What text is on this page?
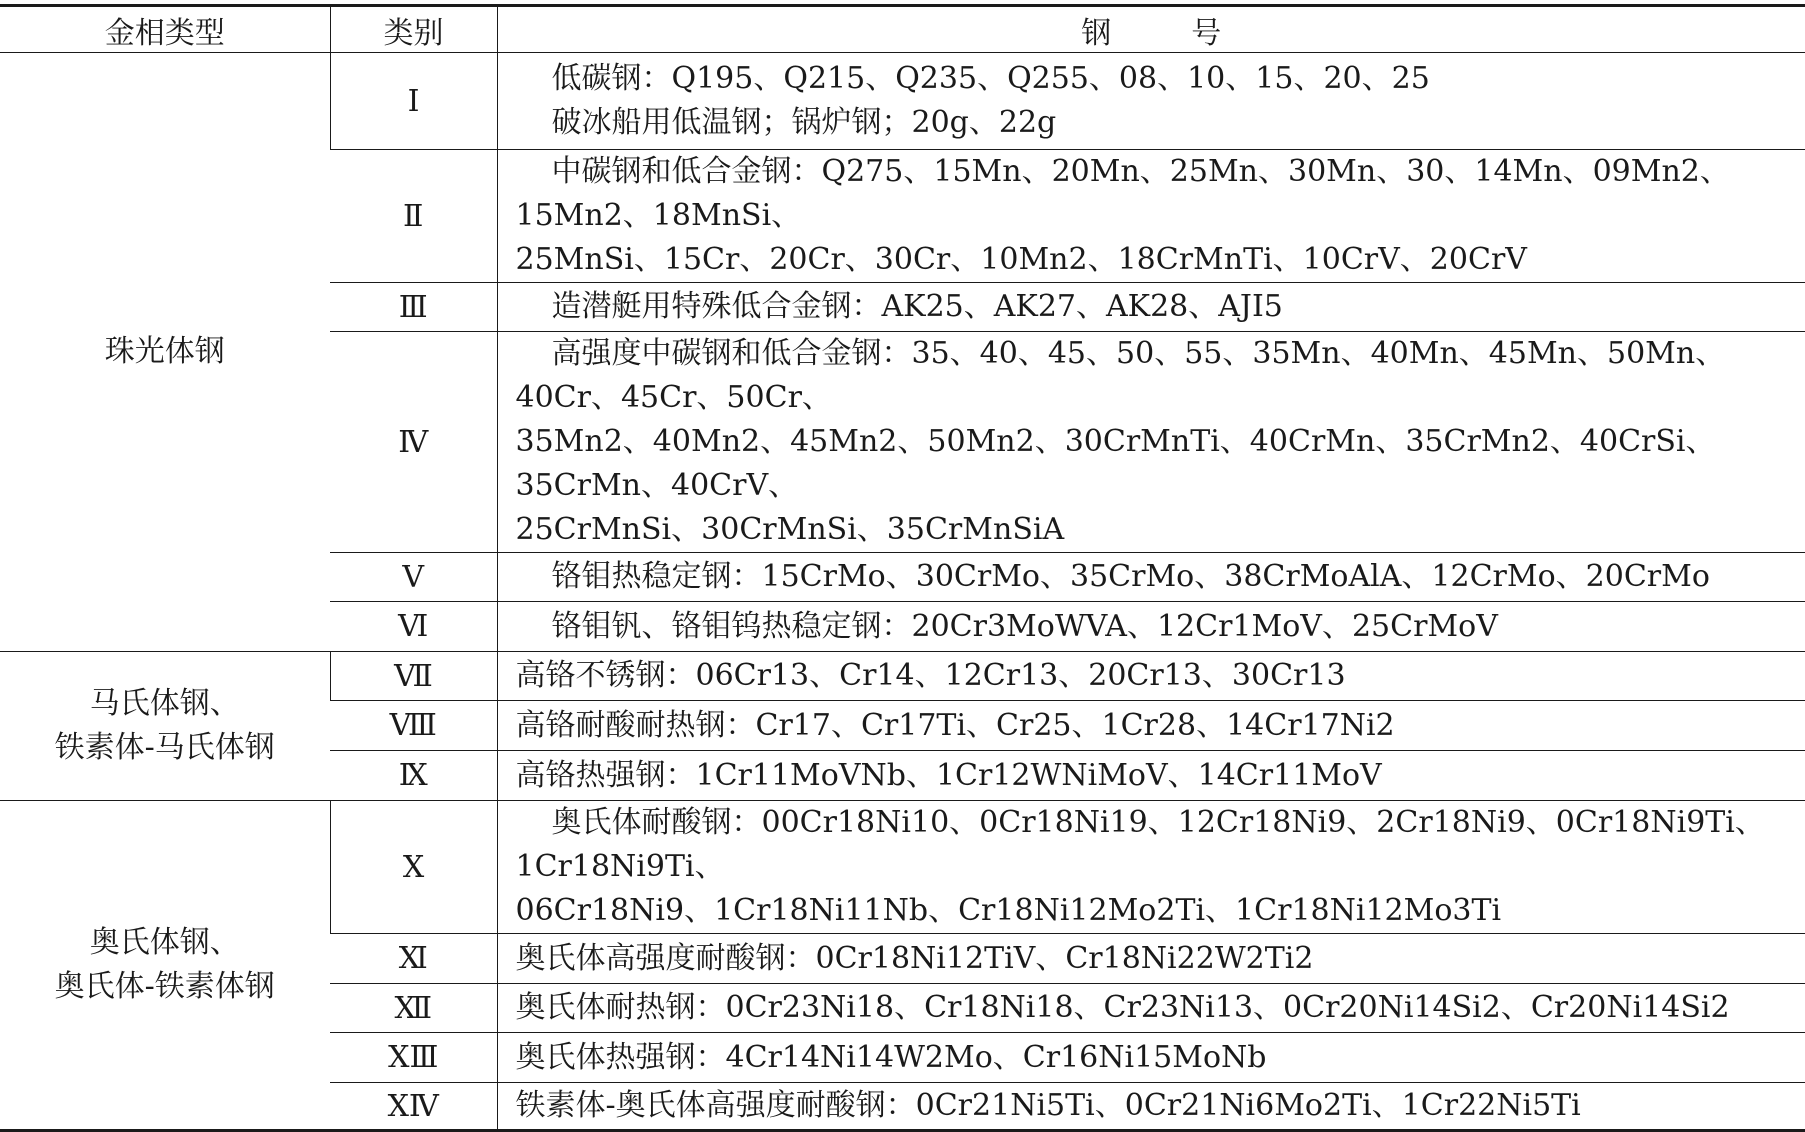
金相类型	类别	钢 号
珠光体钢	Ⅰ	低碳钢：Q195、Q215、Q235、Q255、08、10、15、20、25
破冰船用低温钢；锅炉钢；20g、22g

	Ⅱ	中碳钢和低合金钢：Q275、15Mn、20Mn、25Mn、30Mn、30、14Mn、09Mn2、15Mn2、18MnSi、
25MnSi、15Cr、20Cr、30Cr、10Mn2、18CrMnTi、10CrV、20CrV

	Ⅲ	造潜艇用特殊低合金钢：AK25、AK27、AK28、AJI5

	Ⅳ	高强度中碳钢和低合金钢：35、40、45、50、55、35Mn、40Mn、45Mn、50Mn、40Cr、45Cr、50Cr、
35Mn2、40Mn2、45Mn2、50Mn2、30CrMnTi、40CrMn、35CrMn2、40CrSi、35CrMn、40CrV、
25CrMnSi、30CrMnSi、35CrMnSiA

	Ⅴ	铬钼热稳定钢：15CrMo、30CrMo、35CrMo、38CrMoAlA、12CrMo、20CrMo

	Ⅵ	铬钼钒、铬钼钨热稳定钢：20Cr3MoWVA、12Cr1MoV、25CrMoV

马氏体钢、
铁素体-马氏体钢	Ⅶ	高铬不锈钢：06Cr13、Cr14、12Cr13、20Cr13、30Cr13

	Ⅷ	高铬耐酸耐热钢：Cr17、Cr17Ti、Cr25、1Cr28、14Cr17Ni2

	Ⅸ	高铬热强钢：1Cr11MoVNb、1Cr12WNiMoV、14Cr11MoV

奥氏体钢、
奥氏体-铁素体钢	Ⅹ	奥氏体耐酸钢：00Cr18Ni10、0Cr18Ni19、12Cr18Ni9、2Cr18Ni9、0Cr18Ni9Ti、1Cr18Ni9Ti、
06Cr18Ni9、1Cr18Ni11Nb、Cr18Ni12Mo2Ti、1Cr18Ni12Mo3Ti

	Ⅺ	奥氏体高强度耐酸钢：0Cr18Ni12TiV、Cr18Ni22W2Ti2

	Ⅻ	奥氏体耐热钢：0Cr23Ni18、Cr18Ni18、Cr23Ni13、0Cr20Ni14Si2、Cr20Ni14Si2

	XⅢ	奥氏体热强钢：4Cr14Ni14W2Mo、Cr16Ni15MoNb

	XⅣ	铁素体-奥氏体高强度耐酸钢：0Cr21Ni5Ti、0Cr21Ni6Mo2Ti、1Cr22Ni5Ti
